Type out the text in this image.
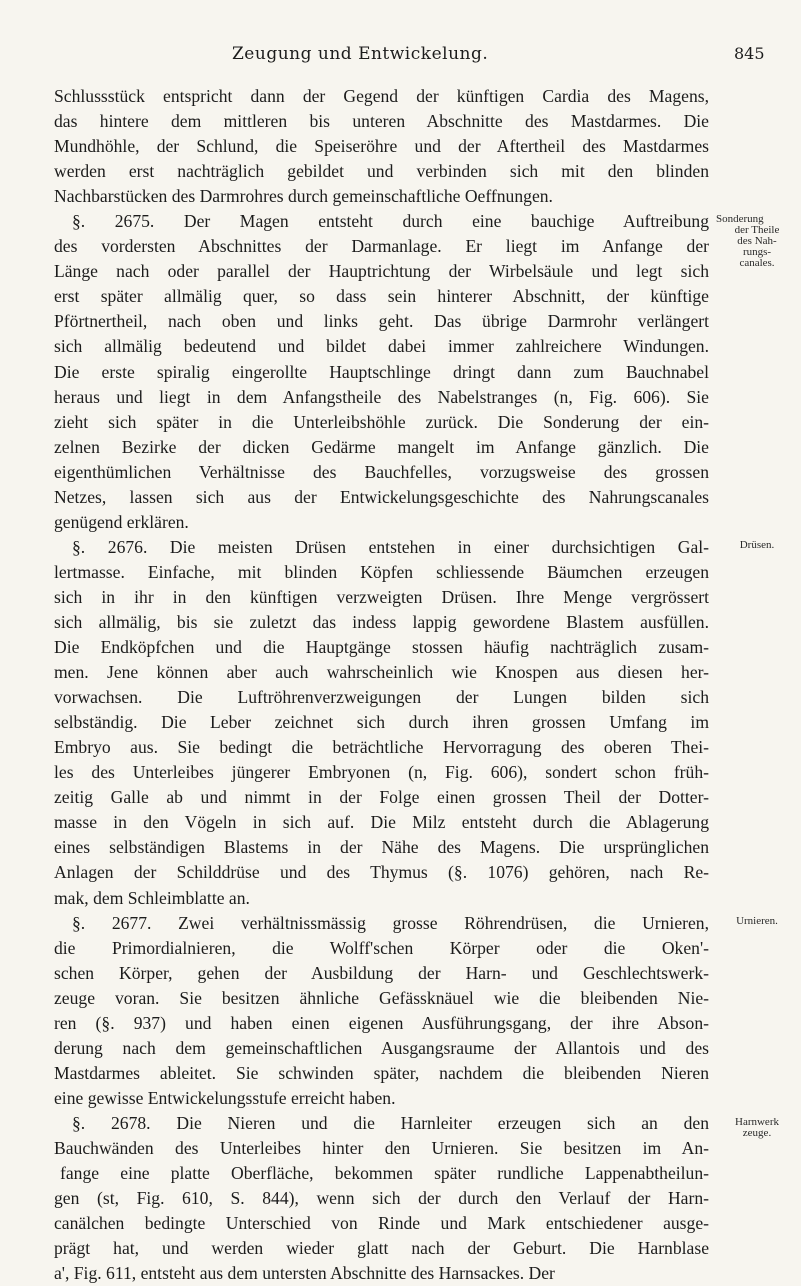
Zeugung und Entwickelung.	845
Schlussstück entspricht dann der Gegend der künftigen Cardia des Magens,
das hintere dem mittleren bis unteren Abschnitte des Mastdarmes. Die
Mundhöhle, der Schlund, die Speiseröhre und der Aftertheil des Mastdarmes
werden erst nachträglich gebildet und verbinden sich mit den blinden
Nachbarstücken des Darmrohres durch gemeinschaftliche Oeffnungen.
§. 2675. Der Magen entsteht durch eine bauchige Auftreibung
des vordersten Abschnittes der Darmanlage. Er liegt im Anfange der
Länge nach oder parallel der Hauptrichtung der Wirbelsäule und legt sich
erst später allmälig quer, so dass sein hinterer Abschnitt, der künftige
Pförtnertheil, nach oben und links geht. Das übrige Darmrohr verlängert
sich allmälig bedeutend und bildet dabei immer zahlreichere Windungen.
Die erste spiralig eingerollte Hauptschlinge dringt dann zum Bauchnabel
heraus und liegt in dem Anfangstheile des Nabelstranges (n, Fig. 606). Sie
zieht sich später in die Unterleibshöhle zurück. Die Sonderung der ein-
zelnen Bezirke der dicken Gedärme mangelt im Anfange gänzlich. Die
eigenthümlichen Verhältnisse des Bauchfelles, vorzugsweise des grossen
Netzes, lassen sich aus der Entwickelungsgeschichte des Nahrungscanales
genügend erklären.
§. 2676. Die meisten Drüsen entstehen in einer durchsichtigen Gal-
lertmasse. Einfache, mit blinden Köpfen schliessende Bäumchen erzeugen
sich in ihr in den künftigen verzweigten Drüsen. Ihre Menge vergrössert
sich allmälig, bis sie zuletzt das indess lappig gewordene Blastem ausfüllen.
Die Endköpfchen und die Hauptgänge stossen häufig nachträglich zusam-
men. Jene können aber auch wahrscheinlich wie Knospen aus diesen her-
vorwachsen. Die Luftröhrenverzweigungen der Lungen bilden sich
selbständig. Die Leber zeichnet sich durch ihren grossen Umfang im
Embryo aus. Sie bedingt die beträchtliche Hervorragung des oberen Thei-
les des Unterleibes jüngerer Embryonen (n, Fig. 606), sondert schon früh-
zeitig Galle ab und nimmt in der Folge einen grossen Theil der Dotter-
masse in den Vögeln in sich auf. Die Milz entsteht durch die Ablagerung
eines selbständigen Blastems in der Nähe des Magens. Die ursprünglichen
Anlagen der Schilddrüse und des Thymus (§. 1076) gehören, nach Re-
mak, dem Schleimblatte an.
§. 2677. Zwei verhältnissmässig grosse Röhrendrüsen, die Urnieren,
die Primordialnieren, die Wolff'schen Körper oder die Oken'-
schen Körper, gehen der Ausbildung der Harn- und Geschlechtswerk-
zeuge voran. Sie besitzen ähnliche Gefässknäuel wie die bleibenden Nie-
ren (§. 937) und haben einen eigenen Ausführungsgang, der ihre Abson-
derung nach dem gemeinschaftlichen Ausgangsraume der Allantois und des
Mastdarmes ableitet. Sie schwinden später, nachdem die bleibenden Nieren
eine gewisse Entwickelungsstufe erreicht haben.
§. 2678. Die Nieren und die Harnleiter erzeugen sich an den
Bauchwänden des Unterleibes hinter den Urnieren. Sie besitzen im An-
fange eine platte Oberfläche, bekommen später rundliche Lappenabtheilun-
gen (st, Fig. 610, S. 844), wenn sich der durch den Verlauf der Harn-
canälchen bedingte Unterschied von Rinde und Mark entschiedener ausge-
prägt hat, und werden wieder glatt nach der Geburt. Die Harnblase
a', Fig. 611, entsteht aus dem untersten Abschnitte des Harnsackes. Der
Sonderung
der Theile
des Nah-
rungs-
canales.
Drüsen.
Urnieren.
Harnwerk
zeuge.
